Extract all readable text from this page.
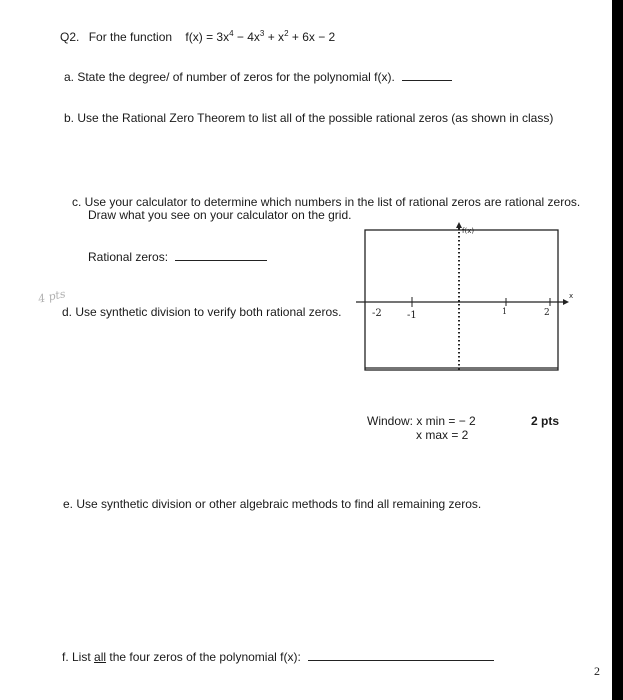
Q2. For the function $f(x) = 3x^4 - 4x^3 + x^2 + 6x - 2$
a. State the degree/ of number of zeros for the polynomial f(x).
b. Use the Rational Zero Theorem to list all of the possible rational zeros (as shown in class)
c. Use your calculator to determine which numbers in the list of rational zeros are rational zeros.
Draw what you see on your calculator on the grid.
Rational zeros:
4 pts
d. Use synthetic division to verify both rational zeros.
f(x)
x
-2	-1	1	2
Window: x min = − 2
x max = 2
2 pts
e. Use synthetic division or other algebraic methods to find all remaining zeros.
f. List all the four zeros of the polynomial f(x):
2
